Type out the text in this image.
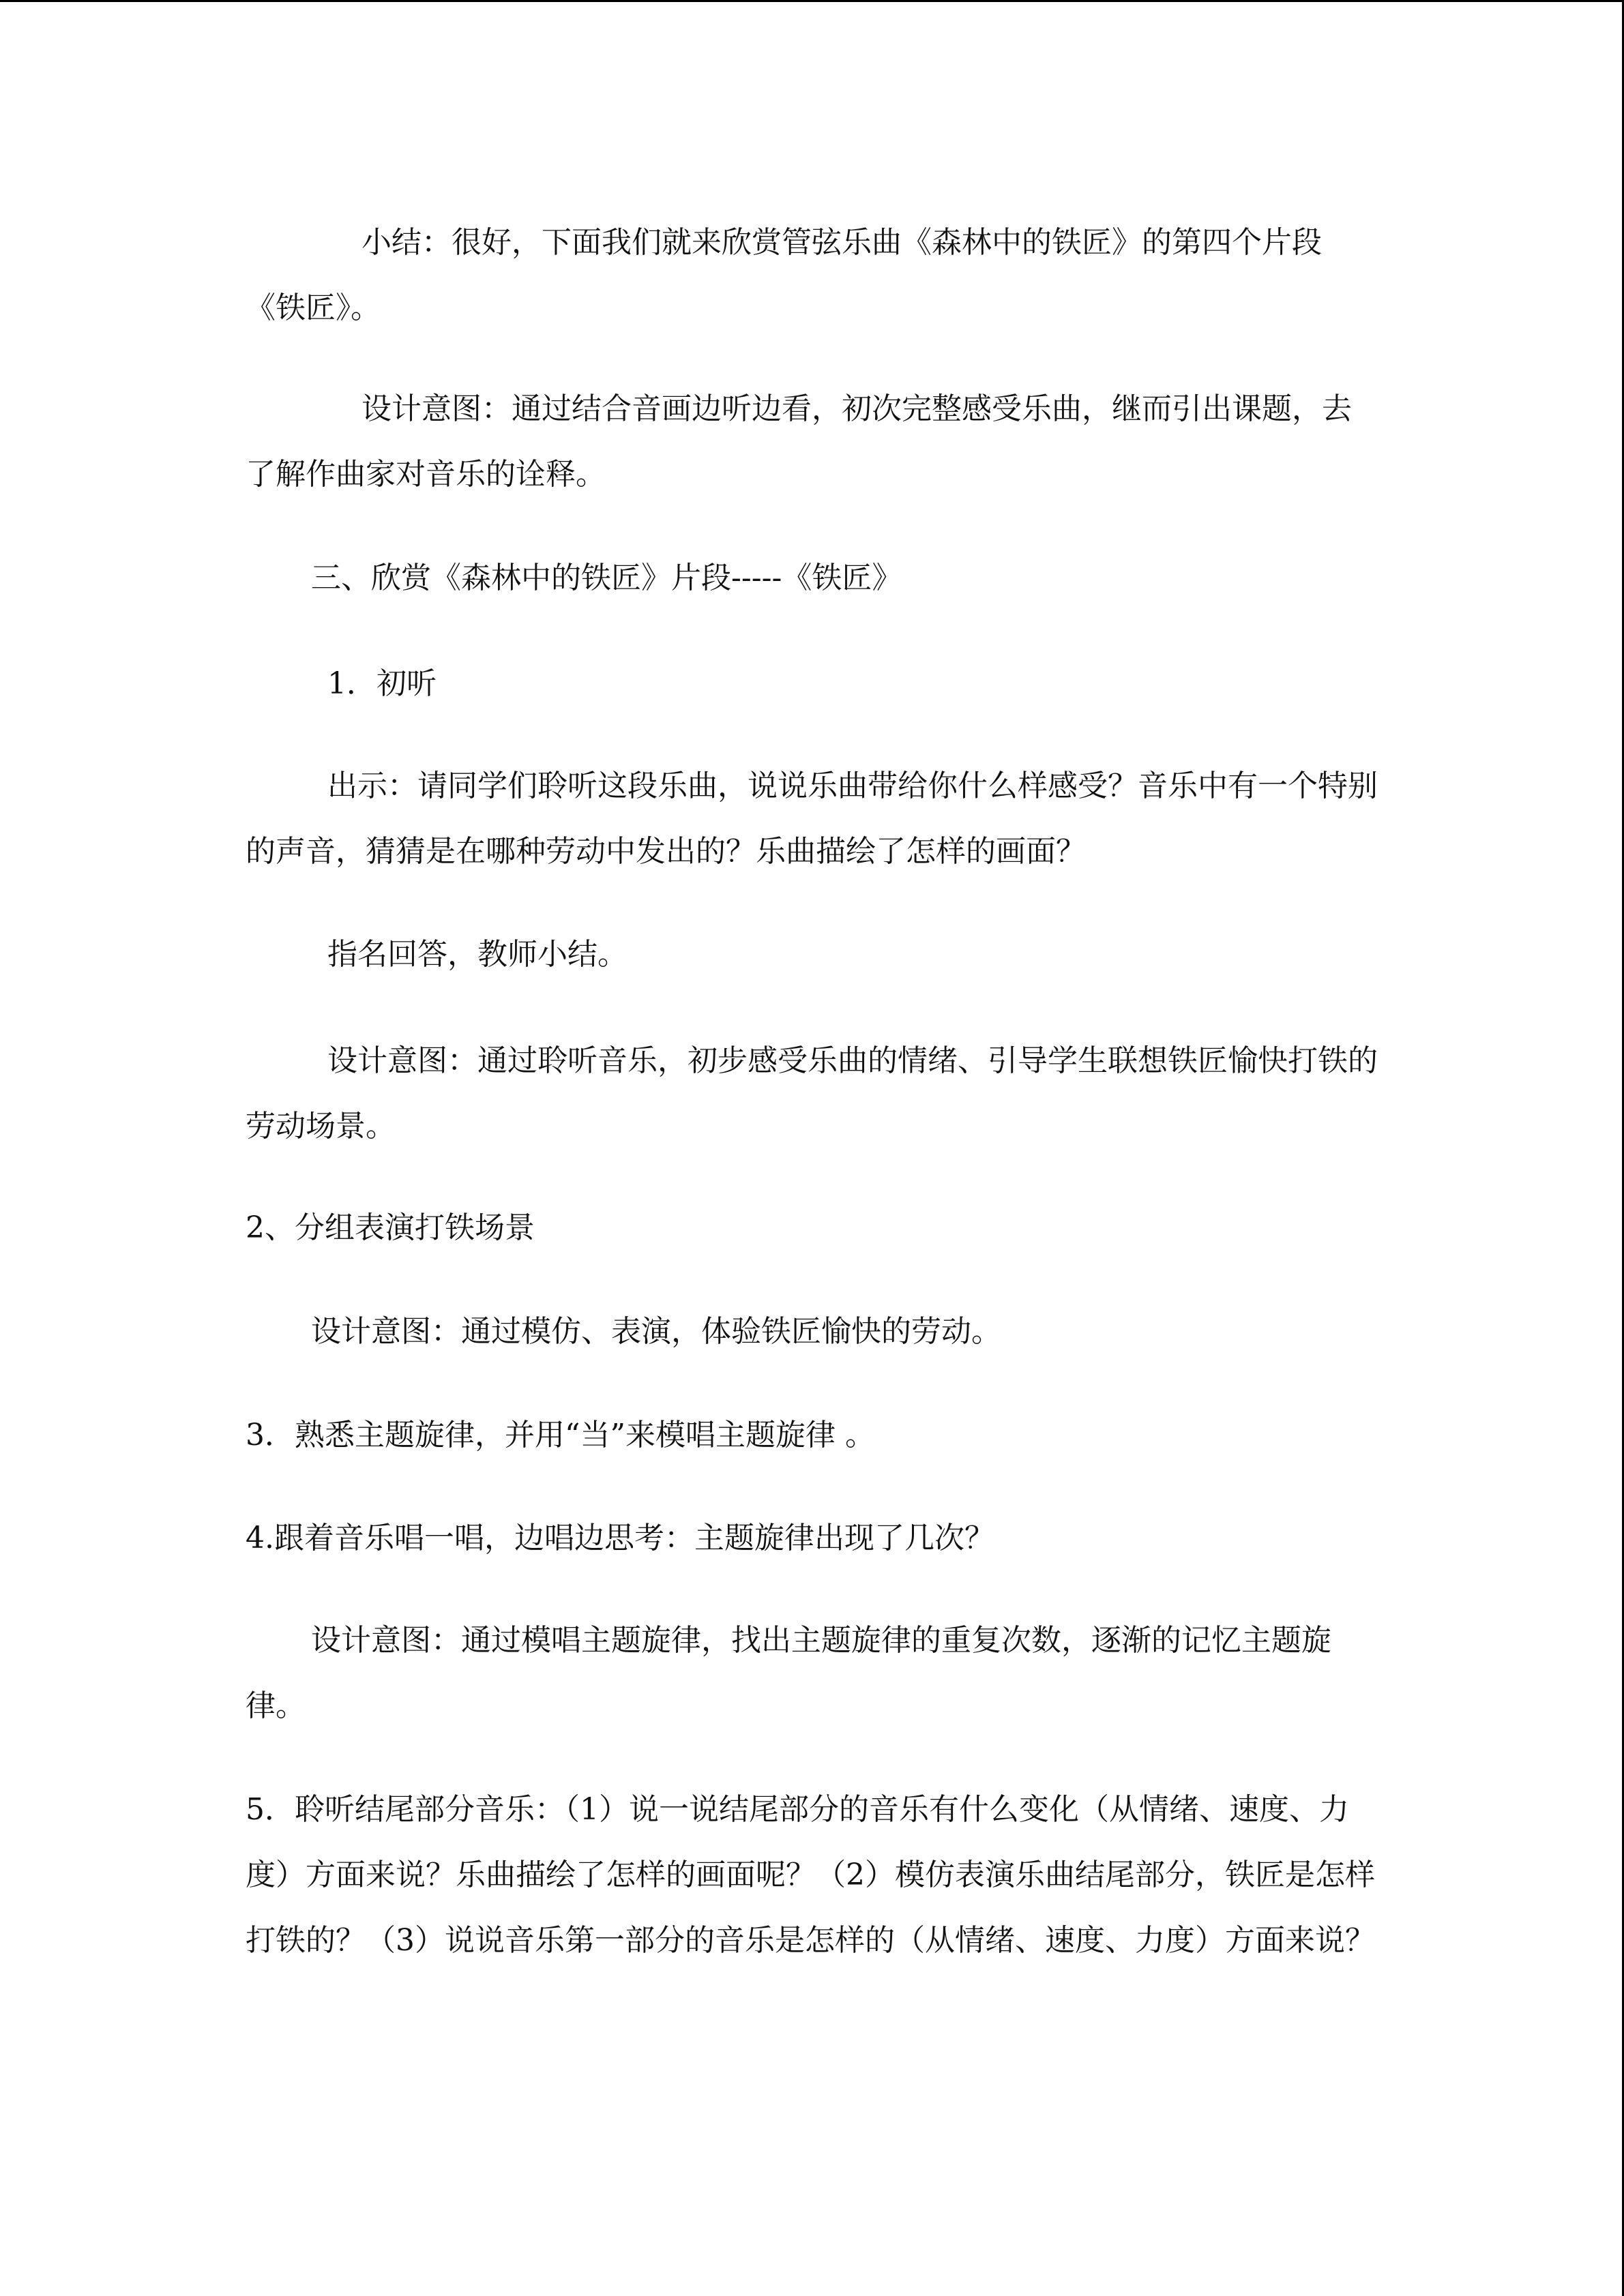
小结：很好，下面我们就来欣赏管弦乐曲《森林中的铁匠》的第四个片段《铁匠》。

设计意图：通过结合音画边听边看，初次完整感受乐曲，继而引出课题，去了解作曲家对音乐的诠释。

三、欣赏《森林中的铁匠》片段-----《铁匠》

1．初听

出示：请同学们聆听这段乐曲，说说乐曲带给你什么样感受？音乐中有一个特别的声音，猜猜是在哪种劳动中发出的？乐曲描绘了怎样的画面？

指名回答，教师小结。

设计意图：通过聆听音乐，初步感受乐曲的情绪、引导学生联想铁匠愉快打铁的劳动场景。

2、分组表演打铁场景

设计意图：通过模仿、表演，体验铁匠愉快的劳动。

3．熟悉主题旋律，并用“当”来模唱主题旋律 。

4.跟着音乐唱一唱，边唱边思考：主题旋律出现了几次？

设计意图：通过模唱主题旋律，找出主题旋律的重复次数，逐渐的记忆主题旋律。

5．聆听结尾部分音乐：（1）说一说结尾部分的音乐有什么变化（从情绪、速度、力度）方面来说？乐曲描绘了怎样的画面呢？（2）模仿表演乐曲结尾部分，铁匠是怎样打铁的？（3）说说音乐第一部分的音乐是怎样的（从情绪、速度、力度）方面来说？
